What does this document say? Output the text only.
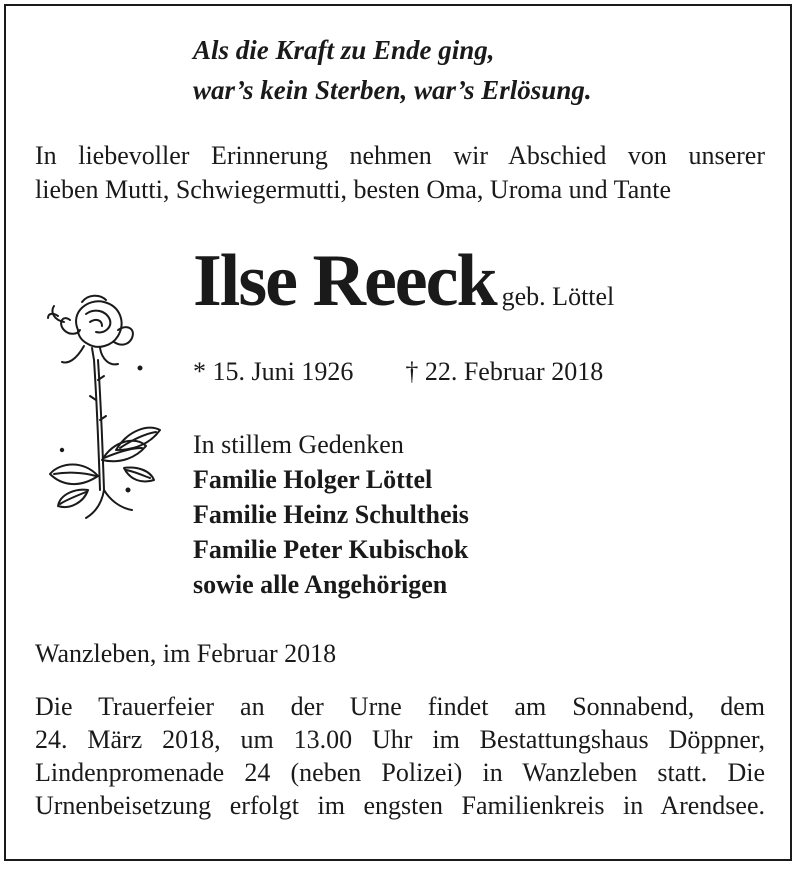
Als die Kraft zu Ende ging,
war’s kein Sterben, war’s Erlösung.
In liebevoller Erinnerung nehmen wir Abschied von unserer
lieben Mutti, Schwiegermutti, besten Oma, Uroma und Tante
Ilse Reeck geb. Löttel
* 15. Juni 1926 † 22. Februar 2018
In stillem Gedenken
Familie Holger Löttel
Familie Heinz Schultheis
Familie Peter Kubischok
sowie alle Angehörigen
Wanzleben, im Februar 2018
Die Trauerfeier an der Urne findet am Sonnabend, dem
24. März 2018, um 13.00 Uhr im Bestattungshaus Döppner,
Lindenpromenade 24 (neben Polizei) in Wanzleben statt. Die
Urnenbeisetzung erfolgt im engsten Familienkreis in Arendsee.
